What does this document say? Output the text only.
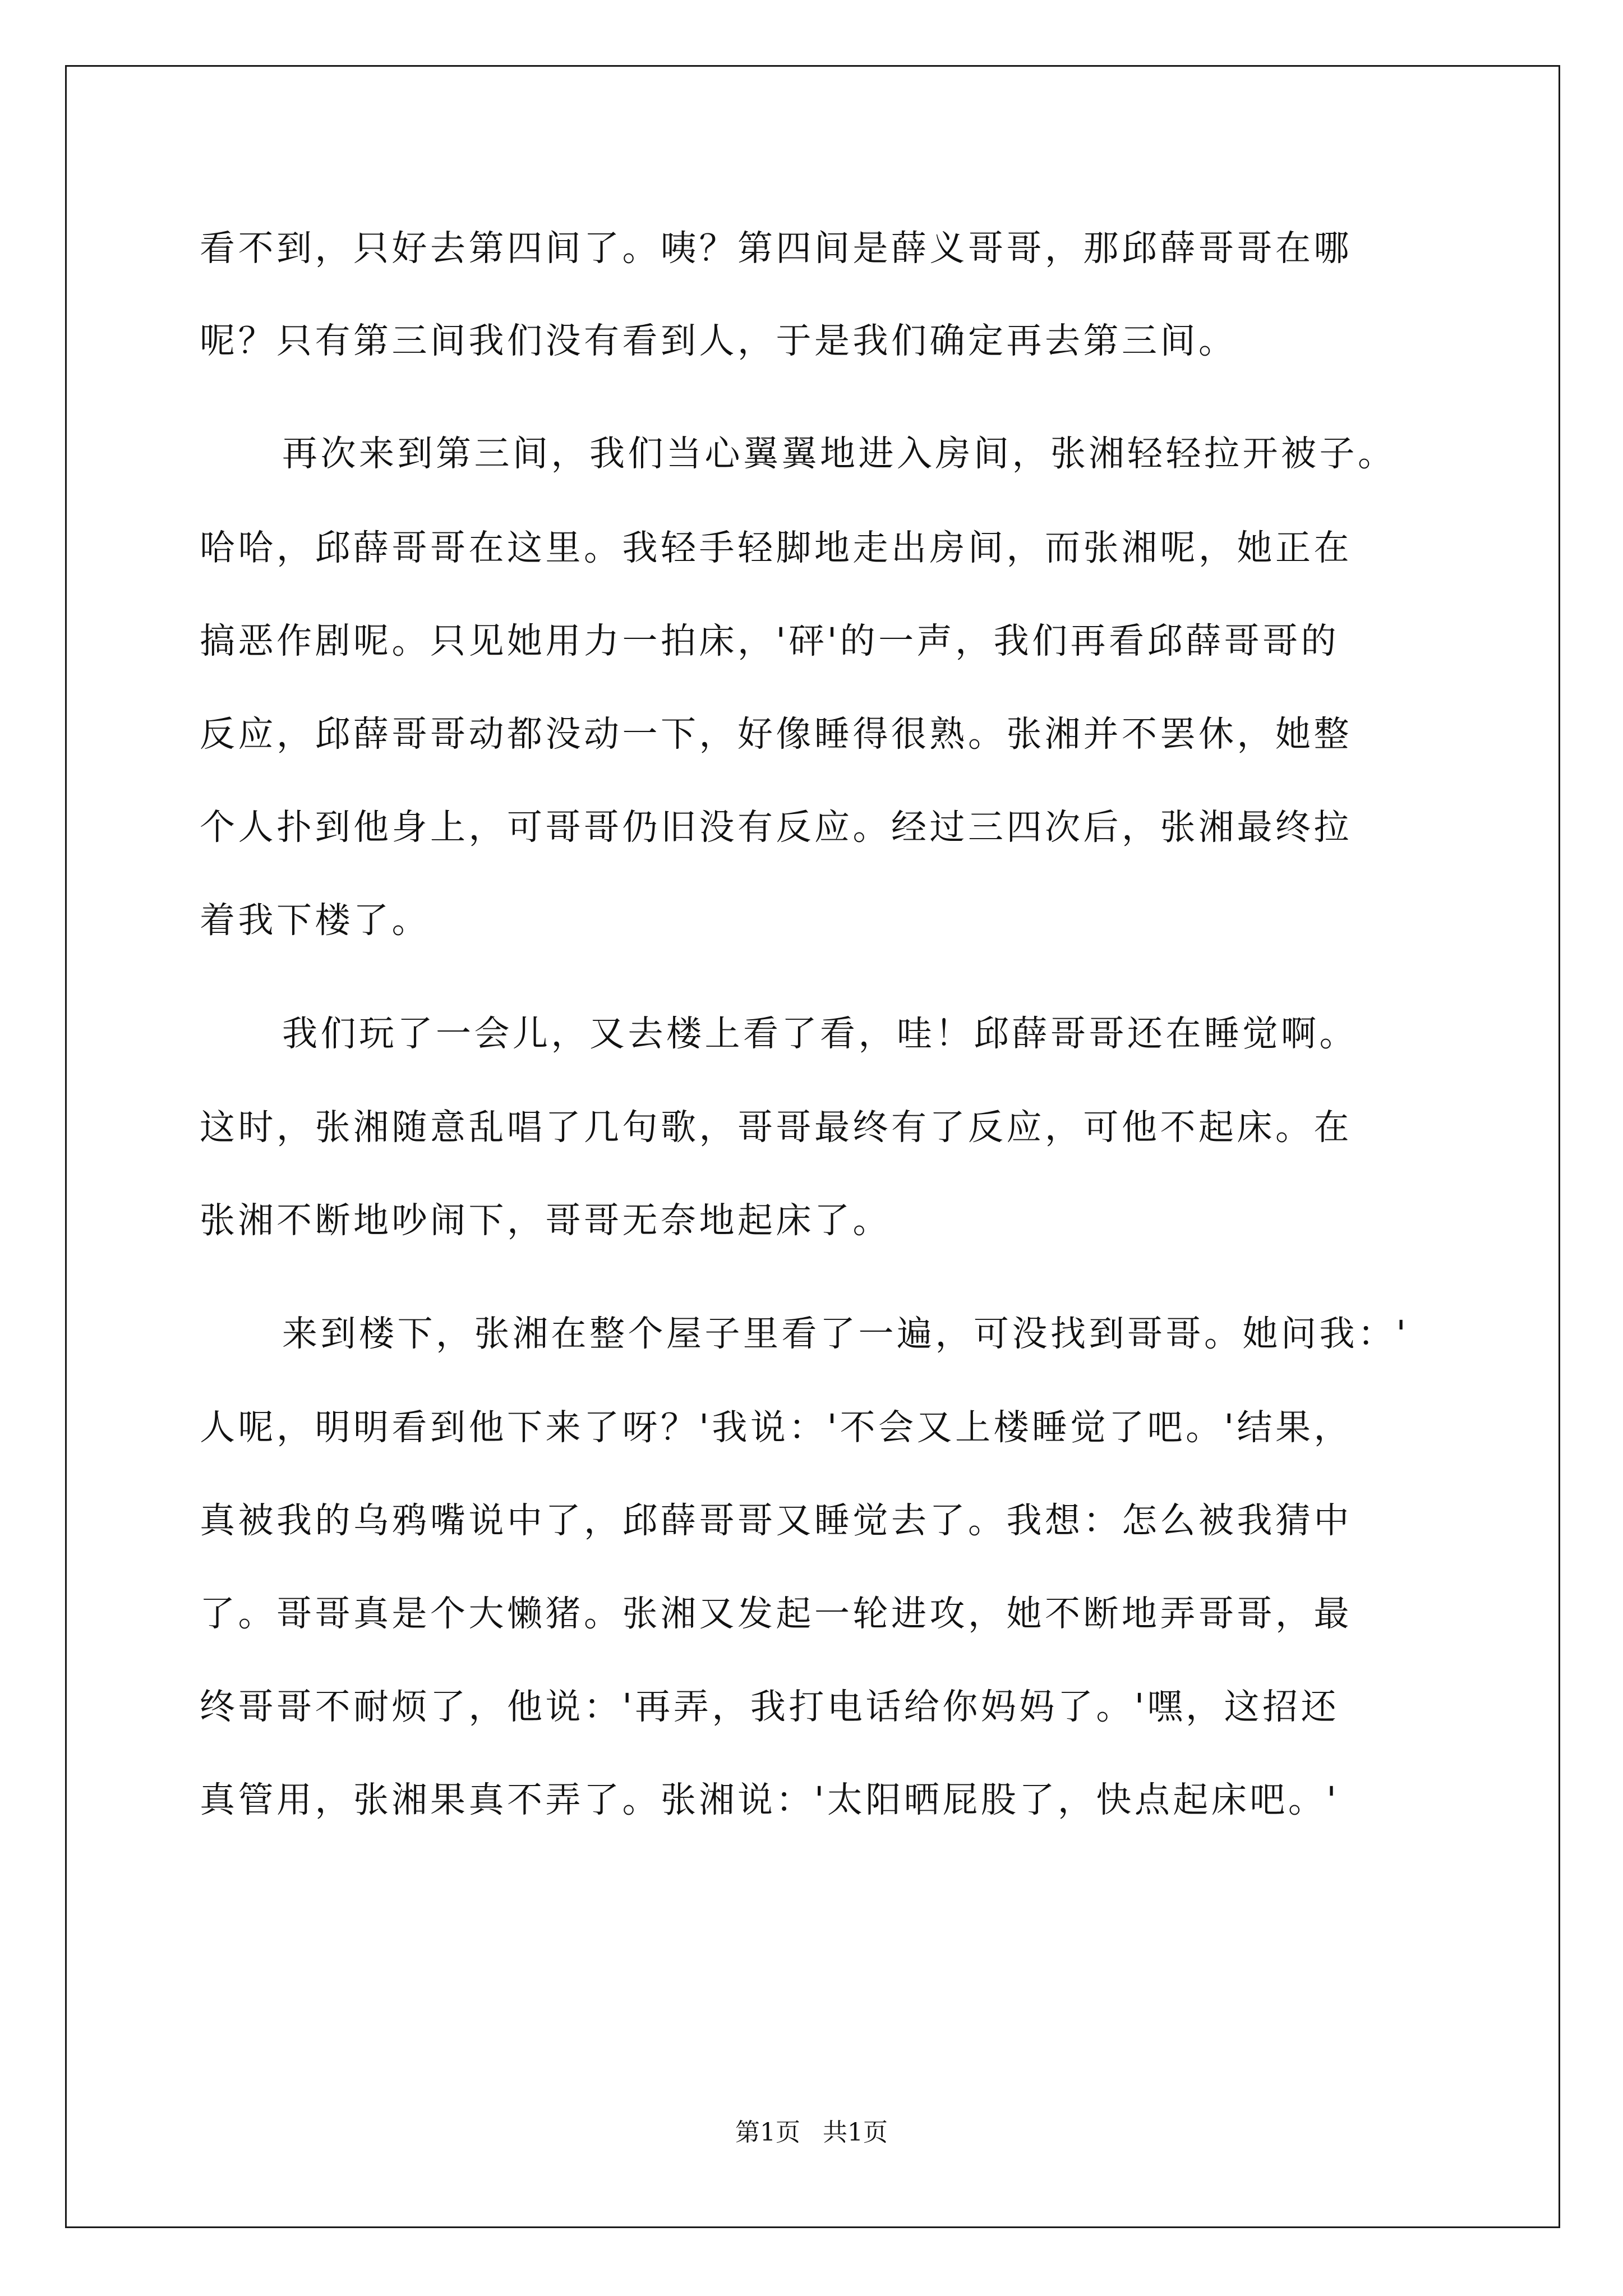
看不到，只好去第四间了。咦？第四间是薛义哥哥，那邱薛哥哥在哪
呢？只有第三间我们没有看到人，于是我们确定再去第三间。
再次来到第三间，我们当心翼翼地进入房间，张湘轻轻拉开被子。
哈哈，邱薛哥哥在这里。我轻手轻脚地走出房间，而张湘呢，她正在
搞恶作剧呢。只见她用力一拍床，'砰'的一声，我们再看邱薛哥哥的
反应，邱薛哥哥动都没动一下，好像睡得很熟。张湘并不罢休，她整
个人扑到他身上，可哥哥仍旧没有反应。经过三四次后，张湘最终拉
着我下楼了。
我们玩了一会儿，又去楼上看了看，哇！邱薛哥哥还在睡觉啊。
这时，张湘随意乱唱了几句歌，哥哥最终有了反应，可他不起床。在
张湘不断地吵闹下，哥哥无奈地起床了。
来到楼下，张湘在整个屋子里看了一遍，可没找到哥哥。她问我：'
人呢，明明看到他下来了呀？'我说：'不会又上楼睡觉了吧。'结果，
真被我的乌鸦嘴说中了，邱薛哥哥又睡觉去了。我想：怎么被我猜中
了。哥哥真是个大懒猪。张湘又发起一轮进攻，她不断地弄哥哥，最
终哥哥不耐烦了，他说：'再弄，我打电话给你妈妈了。'嘿，这招还
真管用，张湘果真不弄了。张湘说：'太阳晒屁股了，快点起床吧。'
第1页 共1页
